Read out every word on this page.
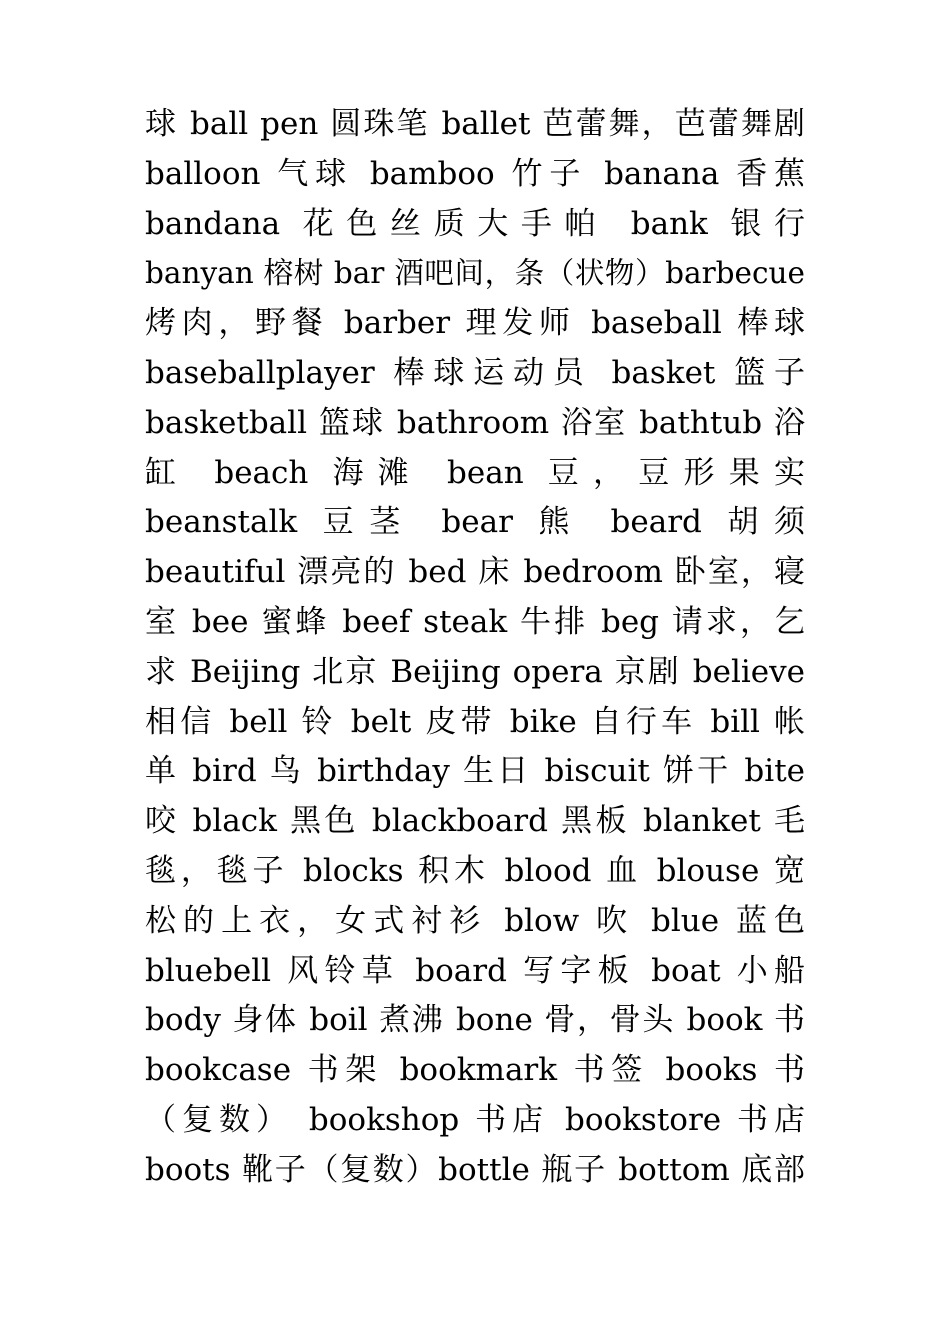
球 ball pen 圆珠笔 ballet 芭蕾舞，芭蕾舞剧
balloon 气球 bamboo 竹子 banana 香蕉
bandana 花色丝质大手帕 bank 银行
banyan 榕树 bar 酒吧间，条（状物）barbecue
烤肉，野餐 barber 理发师 baseball 棒球
baseballplayer 棒球运动员 basket 篮子
basketball 篮球 bathroom 浴室 bathtub 浴
缸 beach 海滩 bean 豆，豆形果实
beanstalk 豆茎 bear 熊 beard 胡须
beautiful 漂亮的 bed 床 bedroom 卧室，寝
室 bee 蜜蜂 beef steak 牛排 beg 请求，乞
求 Beijing 北京 Beijing opera 京剧 believe
相信 bell 铃 belt 皮带 bike 自行车 bill 帐
单 bird 鸟 birthday 生日 biscuit 饼干 bite
咬 black 黑色 blackboard 黑板 blanket 毛
毯，毯子 blocks 积木 blood 血 blouse 宽
松的上衣，女式衬衫 blow 吹 blue 蓝色
bluebell 风铃草 board 写字板 boat 小船
body 身体 boil 煮沸 bone 骨，骨头 book 书
bookcase 书架 bookmark 书签 books 书
（复数） bookshop 书店 bookstore 书店
boots 靴子（复数）bottle 瓶子 bottom 底部
